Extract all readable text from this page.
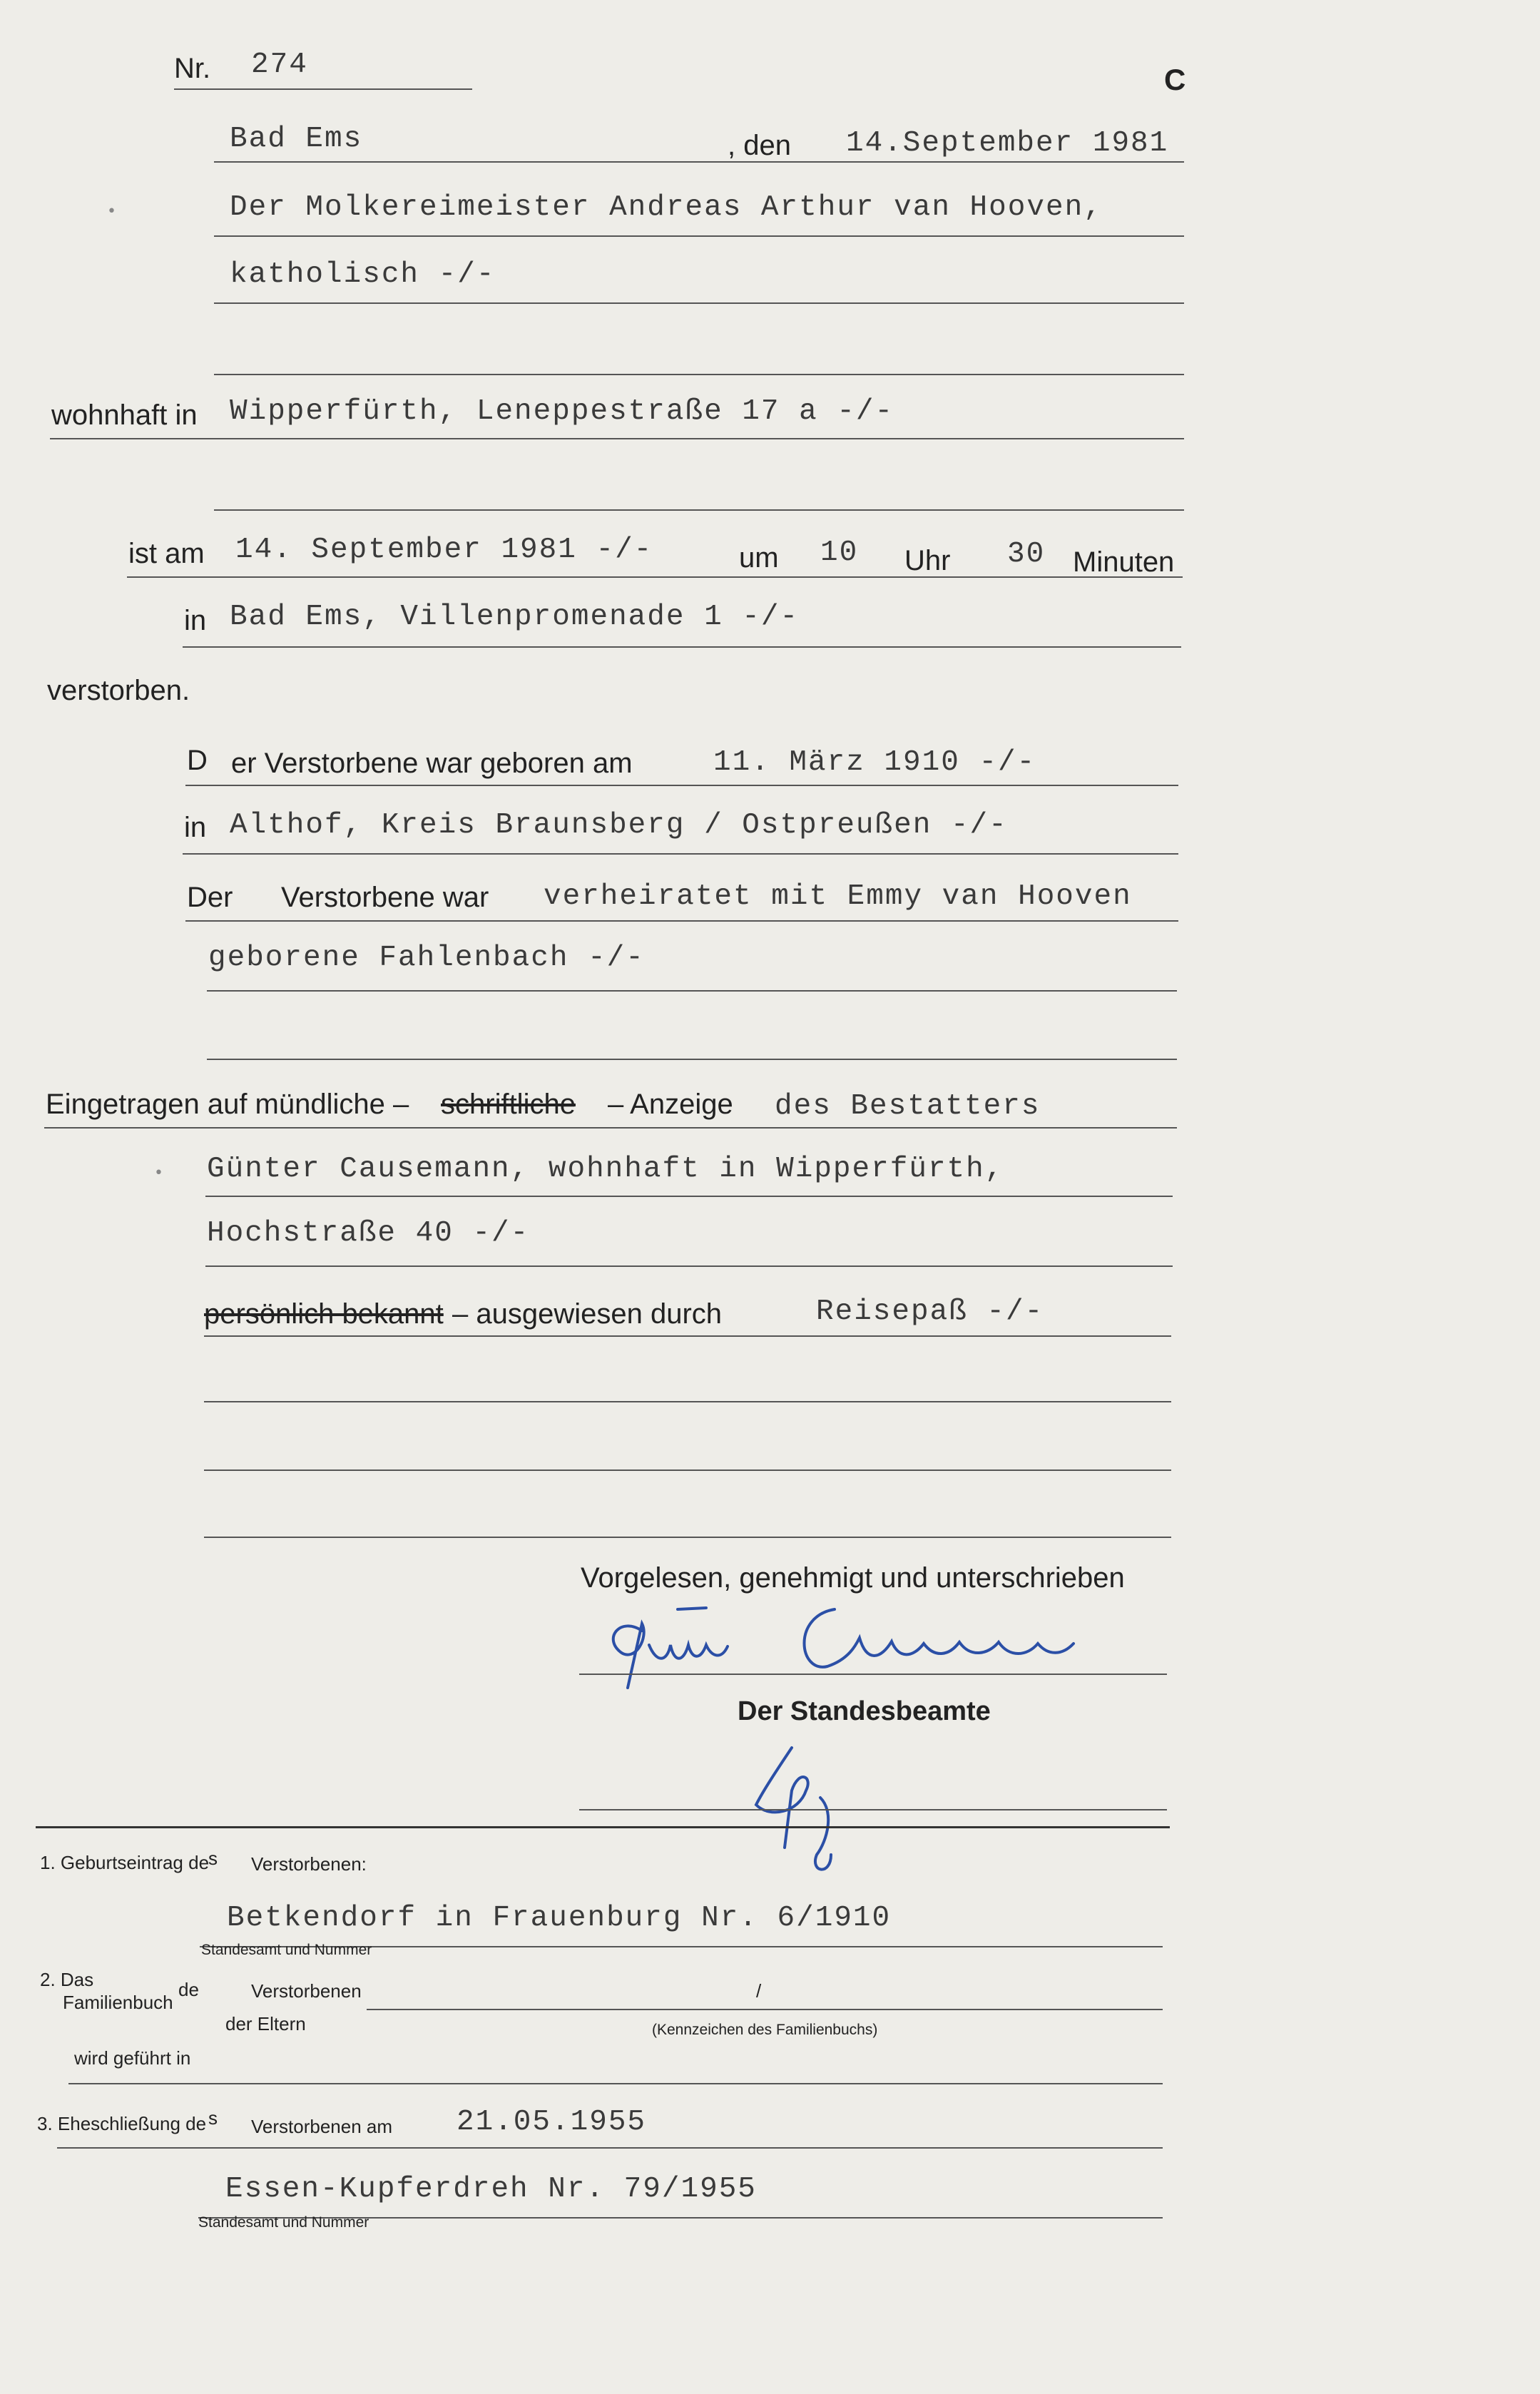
Nr. 274	C
Bad Ems	, den 14.September 1981
Der Molkereimeister Andreas Arthur van Hooven,
katholisch -/-
wohnhaft in Wipperfürth, Leneppestraße 17 a -/-
ist am 14. September 1981 -/-	um 10 Uhr 30 Minuten
in Bad Ems, Villenpromenade 1 -/-
verstorben.
D er Verstorbene war geboren am	11. März 1910 -/-
in Althof, Kreis Braunsberg / Ostpreußen -/-
Der Verstorbene war verheiratet mit Emmy van Hooven
geborene Fahlenbach -/-
Eingetragen auf mündliche – schriftliche – Anzeige des Bestatters
Günter Causemann, wohnhaft in Wipperfürth,
Hochstraße 40 -/-
persönlich bekannt – ausgewiesen durch	Reisepaß -/-
Vorgelesen, genehmigt und unterschrieben
Der Standesbeamte
1. Geburtseintrag de
s Verstorbenen:
Betkendorf in Frauenburg Nr. 6/1910
Standesamt und Nummer
2. Das
Familienbuch
de	Verstorbenen	/
der Eltern	(Kennzeichen des Familienbuchs)
wird geführt in
3. Eheschließung de s Verstorbenen am 21.05.1955
Essen-Kupferdreh Nr. 79/1955
Standesamt und Nummer
•
•
